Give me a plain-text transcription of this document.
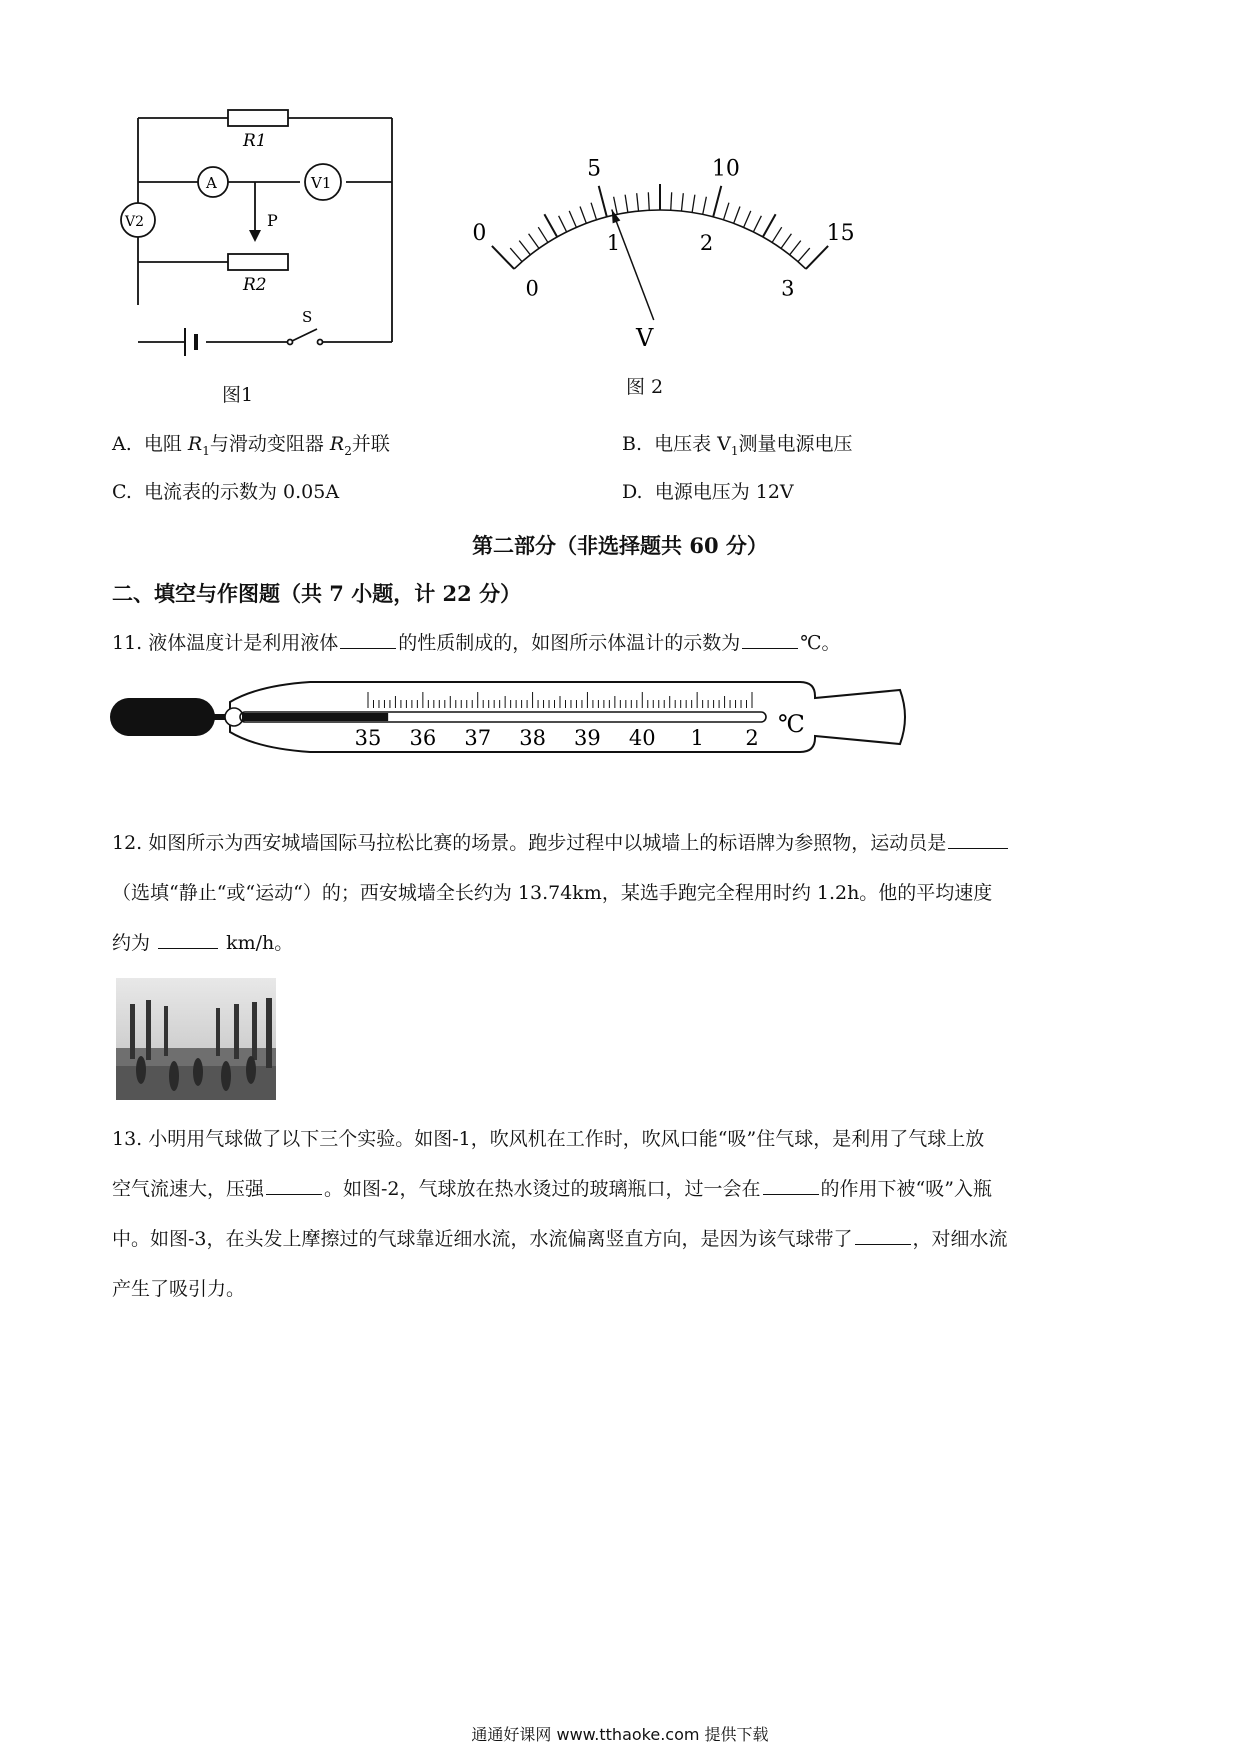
R1
A	V1
V2	P
R2
S
图1
0
5	10
15
0
1	2
3
V
图 2
A. 电阻 $R_1$与滑动变阻器 $R_2$并联	B. 电压表 $V_1$测量电源电压
C. 电流表的示数为 0.05A	D. 电源电压为 12V
第二部分（非选择题共 60 分）
二、填空与作图题（共 7 小题，计 22 分）
11. 液体温度计是利用液体	的性质制成的，如图所示体温计的示数为	℃。
35 36 37 38 39 40 1 2 ℃
12. 如图所示为西安城墙国际马拉松比赛的场景。跑步过程中以城墙上的标语牌为参照物，运动员是
（选填“静止“或“运动“）的；西安城墙全长约为 13.74km，某选手跑完全程用时约 1.2h。他的平均速度
约为	km/h。
13. 小明用气球做了以下三个实验。如图-1，吹风机在工作时，吹风口能“吸”住气球，是利用了气球上放
空气流速大，压强	。如图-2，气球放在热水烫过的玻璃瓶口，过一会在	的作用下被“吸”入瓶
中。如图-3，在头发上摩擦过的气球靠近细水流，水流偏离竖直方向，是因为该气球带了	，对细水流
产生了吸引力。
通通好课网 www.tthaoke.com 提供下载
